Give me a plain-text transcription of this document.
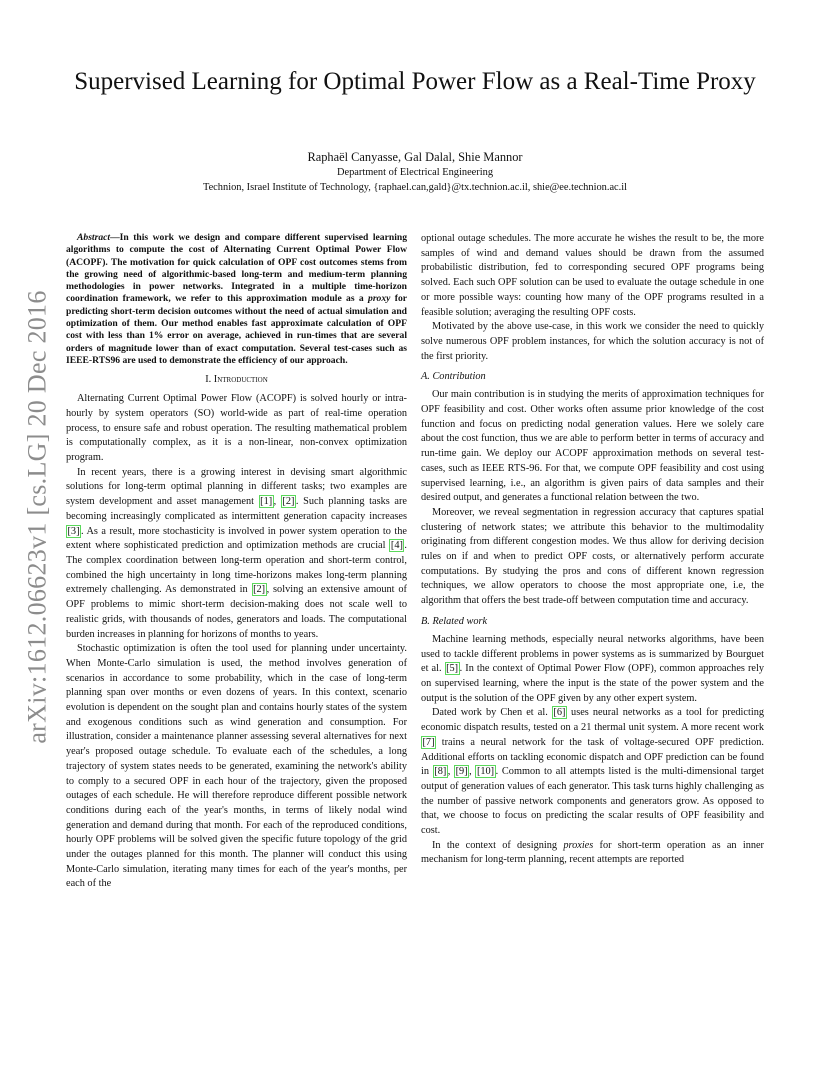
arXiv:1612.06623v1 [cs.LG] 20 Dec 2016
Supervised Learning for Optimal Power Flow as a Real-Time Proxy

Raphaël Canyasse, Gal Dalal, Shie Mannor

Department of Electrical Engineering

Technion, Israel Institute of Technology, {raphael.can,gald}@tx.technion.ac.il, shie@ee.technion.ac.il

Abstract—In this work we design and compare different supervised learning algorithms to compute the cost of Alternating Current Optimal Power Flow (ACOPF). The motivation for quick calculation of OPF cost outcomes stems from the growing need of algorithmic-based long-term and medium-term planning methodologies in power networks. Integrated in a multiple time-horizon coordination framework, we refer to this approximation module as a proxy for predicting short-term decision outcomes without the need of actual simulation and optimization of them. Our method enables fast approximate calculation of OPF cost with less than 1% error on average, achieved in run-times that are several orders of magnitude lower than of exact computation. Several test-cases such as IEEE-RTS96 are used to demonstrate the efficiency of our approach.

I. Introduction

Alternating Current Optimal Power Flow (ACOPF) is solved hourly or intra-hourly by system operators (SO) world-wide as part of real-time operation process, to ensure safe and robust operation. The resulting mathematical problem is computationally complex, as it is a non-linear, non-convex optimization program.

In recent years, there is a growing interest in devising smart algorithmic solutions for long-term optimal planning in different tasks; two examples are system development and asset management [1] , [2] . Such planning tasks are becoming increasingly complicated as intermittent generation capacity increases [3] . As a result, more stochasticity is involved in power system operation to the extent where sophisticated prediction and optimization methods are crucial [4] . The complex coordination between long-term operation and short-term control, combined the high uncertainty in long time-horizons makes long-term planning extremely challenging. As demonstrated in [2] , solving an extensive amount of OPF problems to mimic short-term decision-making does not scale well to realistic grids, with thousands of nodes, generators and loads. The computational burden increases in planning for horizons of months to years.

Stochastic optimization is often the tool used for planning under uncertainty. When Monte-Carlo simulation is used, the method involves generation of scenarios in accordance to some probability, which in the case of long-term planning span over months or even dozens of years. In this context, scenario evolution is dependent on the sought plan and contains hourly states of the system and exogenous conditions such as wind generation and consumption. For illustration, consider a maintenance planner assessing several alternatives for next year's proposed outage schedule. To evaluate each of the schedules, a long trajectory of system states needs to be generated, examining the network's ability to comply to a secured OPF in each hour of the trajectory, given the proposed outages of each schedule. He will therefore reproduce different possible network conditions during each of the year's months, in terms of likely nodal wind generation and demand during that month. For each of the reproduced conditions, hourly OPF problems will be solved given the specific future topology of the grid under the outages planned for this month. The planner will conduct this using Monte-Carlo simulation, iterating many times for each of the year's months, per each of the

optional outage schedules. The more accurate he wishes the result to be, the more samples of wind and demand values should be drawn from the assumed probabilistic distribution, fed to corresponding secured OPF programs being solved. Each such OPF solution can be used to evaluate the outage schedule in one or more possible ways: counting how many of the OPF programs resulted in a feasible solution; averaging the resulting OPF costs.

Motivated by the above use-case, in this work we consider the need to quickly solve numerous OPF problem instances, for which the solution accuracy is not of the first priority.

A. Contribution

Our main contribution is in studying the merits of approximation techniques for OPF feasibility and cost. Other works often assume prior knowledge of the cost function and focus on predicting nodal generation values. Here we solely care about the cost function, thus we are able to perform better in terms of accuracy and run-time gain. We deploy our ACOPF approximation methods on several test-cases, such as IEEE RTS-96. For that, we compute OPF feasibility and cost using supervised learning, i.e., an algorithm is given pairs of data samples and their desired output, and generates a functional relation between the two.

Moreover, we reveal segmentation in regression accuracy that captures spatial clustering of network states; we attribute this behavior to the multimodality originating from different congestion modes. We thus allow for deriving decision rules on if and when to predict OPF costs, or alternatively perform accurate computations. By studying the pros and cons of different known regression techniques, we allow operators to choose the most appropriate one, i.e, the algorithm that offers the best trade-off between computation time and accuracy.

B. Related work

Machine learning methods, especially neural networks algorithms, have been used to tackle different problems in power systems as is summarized by Bourguet et al. [5] . In the context of Optimal Power Flow (OPF), common approaches rely on supervised learning, where the input is the state of the power system and the output is the solution of the OPF given by any other expert system.

Dated work by Chen et al. [6] uses neural networks as a tool for predicting economic dispatch results, tested on a 21 thermal unit system. A more recent work [7] trains a neural network for the task of voltage-secured OPF prediction. Additional efforts on tackling economic dispatch and OPF prediction can be found in [8] , [9] , [10] . Common to all attempts listed is the multi-dimensional target output of generation values of each generator. This task turns highly challenging as the number of passive network components and generators grow. As opposed to that, we choose to focus on predicting the scalar results of OPF feasibility and cost.

In the context of designing proxies for short-term operation as an inner mechanism for long-term planning, recent attempts are reported
